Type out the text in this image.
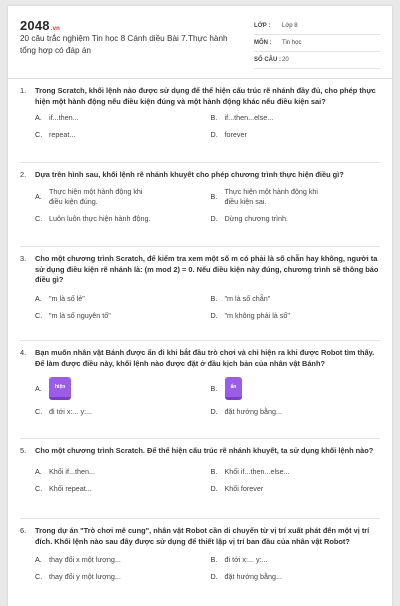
2048.vn
20 câu trắc nghiệm Tin học 8 Cánh diều Bài 7.Thực hành tổng hợp có đáp án
LỚP :	Lớp 8
MÔN :	Tin học
SỐ CÂU : 20
1.	Trong Scratch, khối lệnh nào được sử dụng để thể hiện cấu trúc rẽ nhánh đầy đủ, cho phép thực hiện một hành động nếu điều kiện đúng và một hành động khác nếu điều kiện sai?
A.	if...then...	B.	if...then...else...
C. repeat...	D. forever
2.	Dựa trên hình sau, khối lệnh rẽ nhánh khuyết cho phép chương trình thực hiện điều gì?
A.
Thực hiện một hành động khi điều kiện đúng.
B.
Thực hiện một hành động khi điều kiện sai.
C. Luôn luôn thực hiện hành động.	D. Dừng chương trình.
3.	Cho một chương trình Scratch, để kiểm tra xem một số m có phải là số chẵn hay không, người ta sử dụng điều kiện rẽ nhánh là: (m mod 2) = 0. Nếu điều kiện này đúng, chương trình sẽ thông báo điều gì?
A.	"m là số lẻ"	B.	"m là số chẵn"
C. "m là số nguyên tố"	D. "m không phải là số"
4.	Bạn muốn nhân vật Bánh được ẩn đi khi bắt đầu trò chơi và chỉ hiện ra khi được Robot tìm thấy. Để làm được điều này, khối lệnh nào được đặt ở đầu kịch bản của nhân vật Bánh?
A.	hiện	B.	ẩn
C. đi tới x:... y:...	D. đặt hướng bằng...
5.	Cho một chương trình Scratch. Để thể hiện cấu trúc rẽ nhánh khuyết, ta sử dụng khối lệnh nào?
A.	Khối if...then...	B.	Khối if...then...else...
C. Khối repeat...	D. Khối forever
6.	Trong dự án "Trò chơi mê cung", nhân vật Robot cần di chuyển từ vị trí xuất phát đến một vị trí đích. Khối lệnh nào sau đây được sử dụng để thiết lập vị trí ban đầu của nhân vật Robot?
A.	thay đổi x một lượng...	B.	đi tới x:... y:...
C. thay đổi y một lượng...	D. đặt hướng bằng...
